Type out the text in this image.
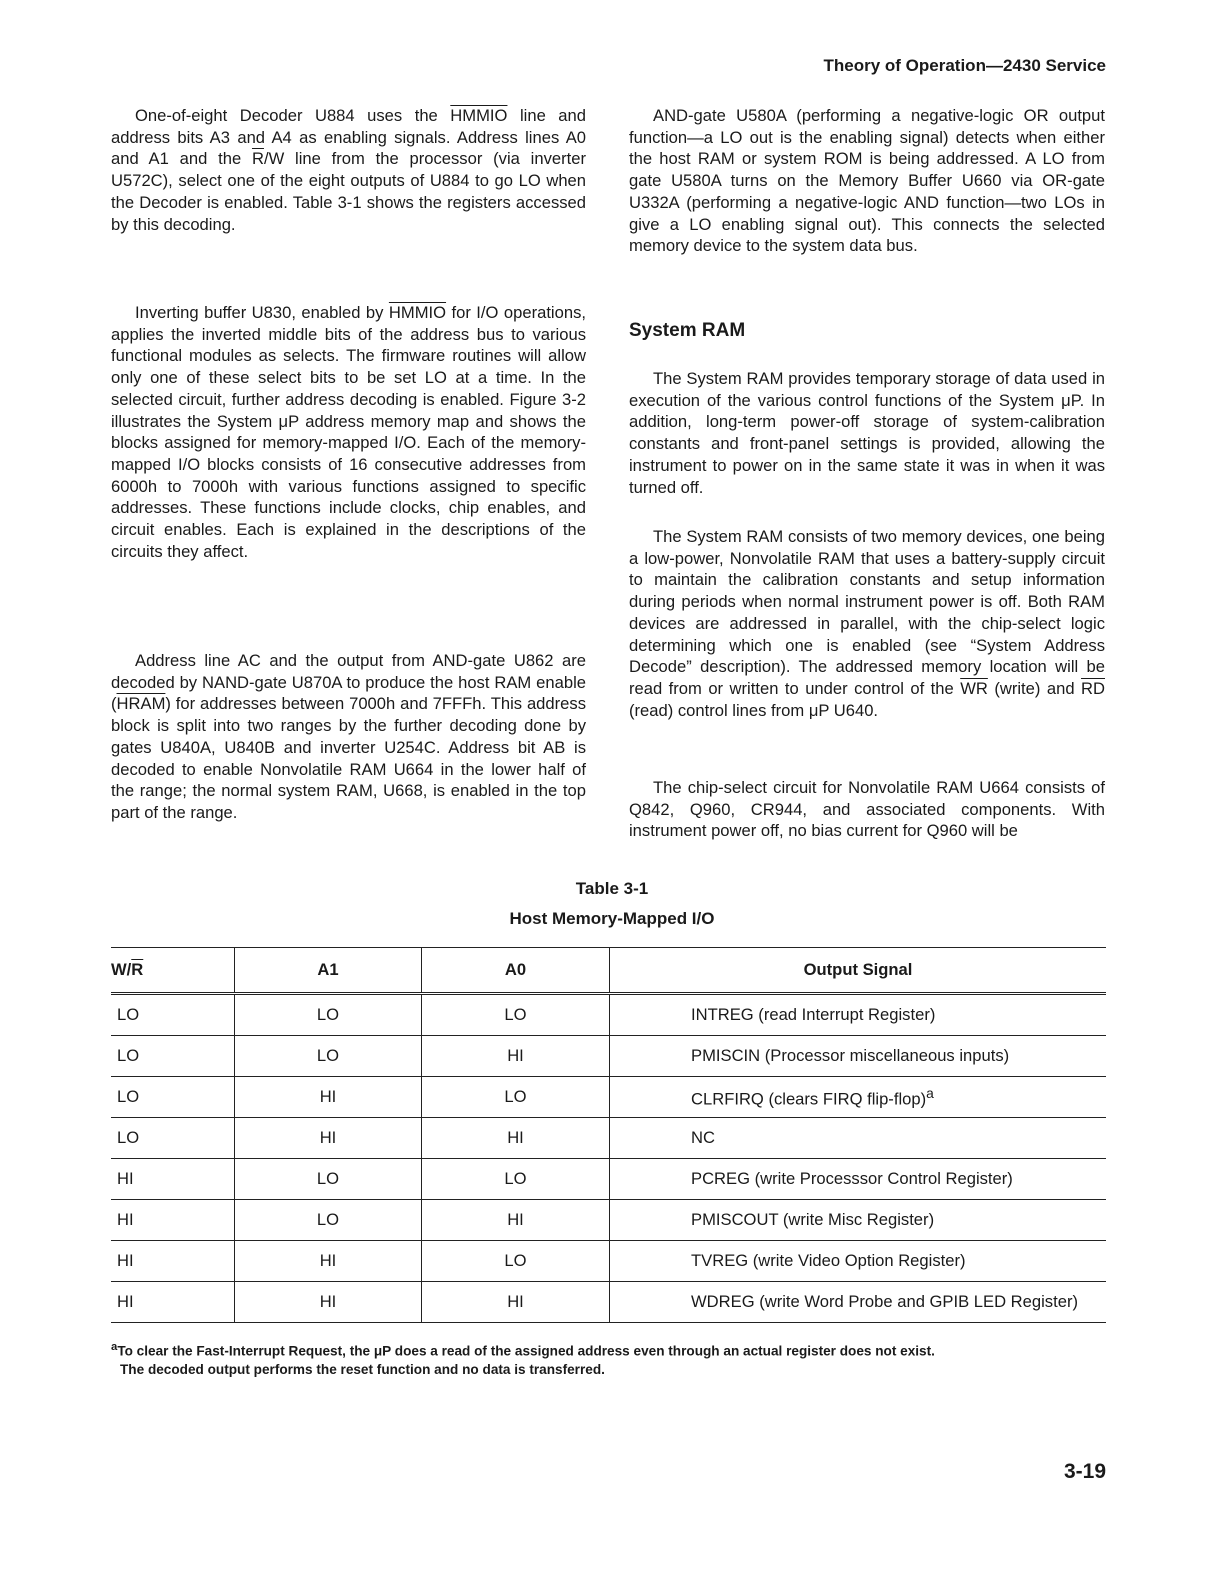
Theory of Operation—2430 Service

One-of-eight Decoder U884 uses the HMMIO line and address bits A3 and A4 as enabling signals. Address lines A0 and A1 and the $\overline{R}/W$ line from the processor (via inverter U572C), select one of the eight outputs of U884 to go LO when the Decoder is enabled. Table 3-1 shows the registers accessed by this decoding.

Inverting buffer U830, enabled by HMMIO for I/O operations, applies the inverted middle bits of the address bus to various functional modules as selects. The firmware routines will allow only one of these select bits to be set LO at a time. In the selected circuit, further address decoding is enabled. Figure 3-2 illustrates the System μP address memory map and shows the blocks assigned for memory-mapped I/O. Each of the memory-mapped I/O blocks consists of 16 consecutive addresses from 6000h to 7000h with various functions assigned to specific addresses. These functions include clocks, chip enables, and circuit enables. Each is explained in the descriptions of the circuits they affect.

Address line AC and the output from AND-gate U862 are decoded by NAND-gate U870A to produce the host RAM enable (HRAM) for addresses between 7000h and 7FFFh. This address block is split into two ranges by the further decoding done by gates U840A, U840B and inverter U254C. Address bit AB is decoded to enable Nonvolatile RAM U664 in the lower half of the range; the normal system RAM, U668, is enabled in the top part of the range.

AND-gate U580A (performing a negative-logic OR output function—a LO out is the enabling signal) detects when either the host RAM or system ROM is being addressed. A LO from gate U580A turns on the Memory Buffer U660 via OR-gate U332A (performing a negative-logic AND function—two LOs in give a LO enabling signal out). This connects the selected memory device to the system data bus.

System RAM

The System RAM provides temporary storage of data used in execution of the various control functions of the System μP. In addition, long-term power-off storage of system-calibration constants and front-panel settings is provided, allowing the instrument to power on in the same state it was in when it was turned off.

The System RAM consists of two memory devices, one being a low-power, Nonvolatile RAM that uses a battery-supply circuit to maintain the calibration constants and setup information during periods when normal instrument power is off. Both RAM devices are addressed in parallel, with the chip-select logic determining which one is enabled (see “System Address Decode” description). The addressed memory location will be read from or written to under control of the $\overline{WR}$ (write) and $\overline{RD}$ (read) control lines from μP U640.

The chip-select circuit for Nonvolatile RAM U664 consists of Q842, Q960, CR944, and associated components. With instrument power off, no bias current for Q960 will be

Table 3-1
Host Memory-Mapped I/O
$W/\overline{R}$	A1	A0	Output Signal
LO	LO	LO	INTREG (read Interrupt Register)
LO	LO	HI	PMISCIN (Processor miscellaneous inputs)
LO	HI	LO	CLRFIRQ (clears FIRQ flip-flop)$^a$
LO	HI	HI	NC
HI	LO	LO	PCREG (write Processsor Control Register)
HI	LO	HI	PMISCOUT (write Misc Register)
HI	HI	LO	TVREG (write Video Option Register)
HI	HI	HI	WDREG (write Word Probe and GPIB LED Register)
$^a$To clear the Fast-Interrupt Request, the μP does a read of the assigned address even through an actual register does not exist.
The decoded output performs the reset function and no data is transferred.
3-19
